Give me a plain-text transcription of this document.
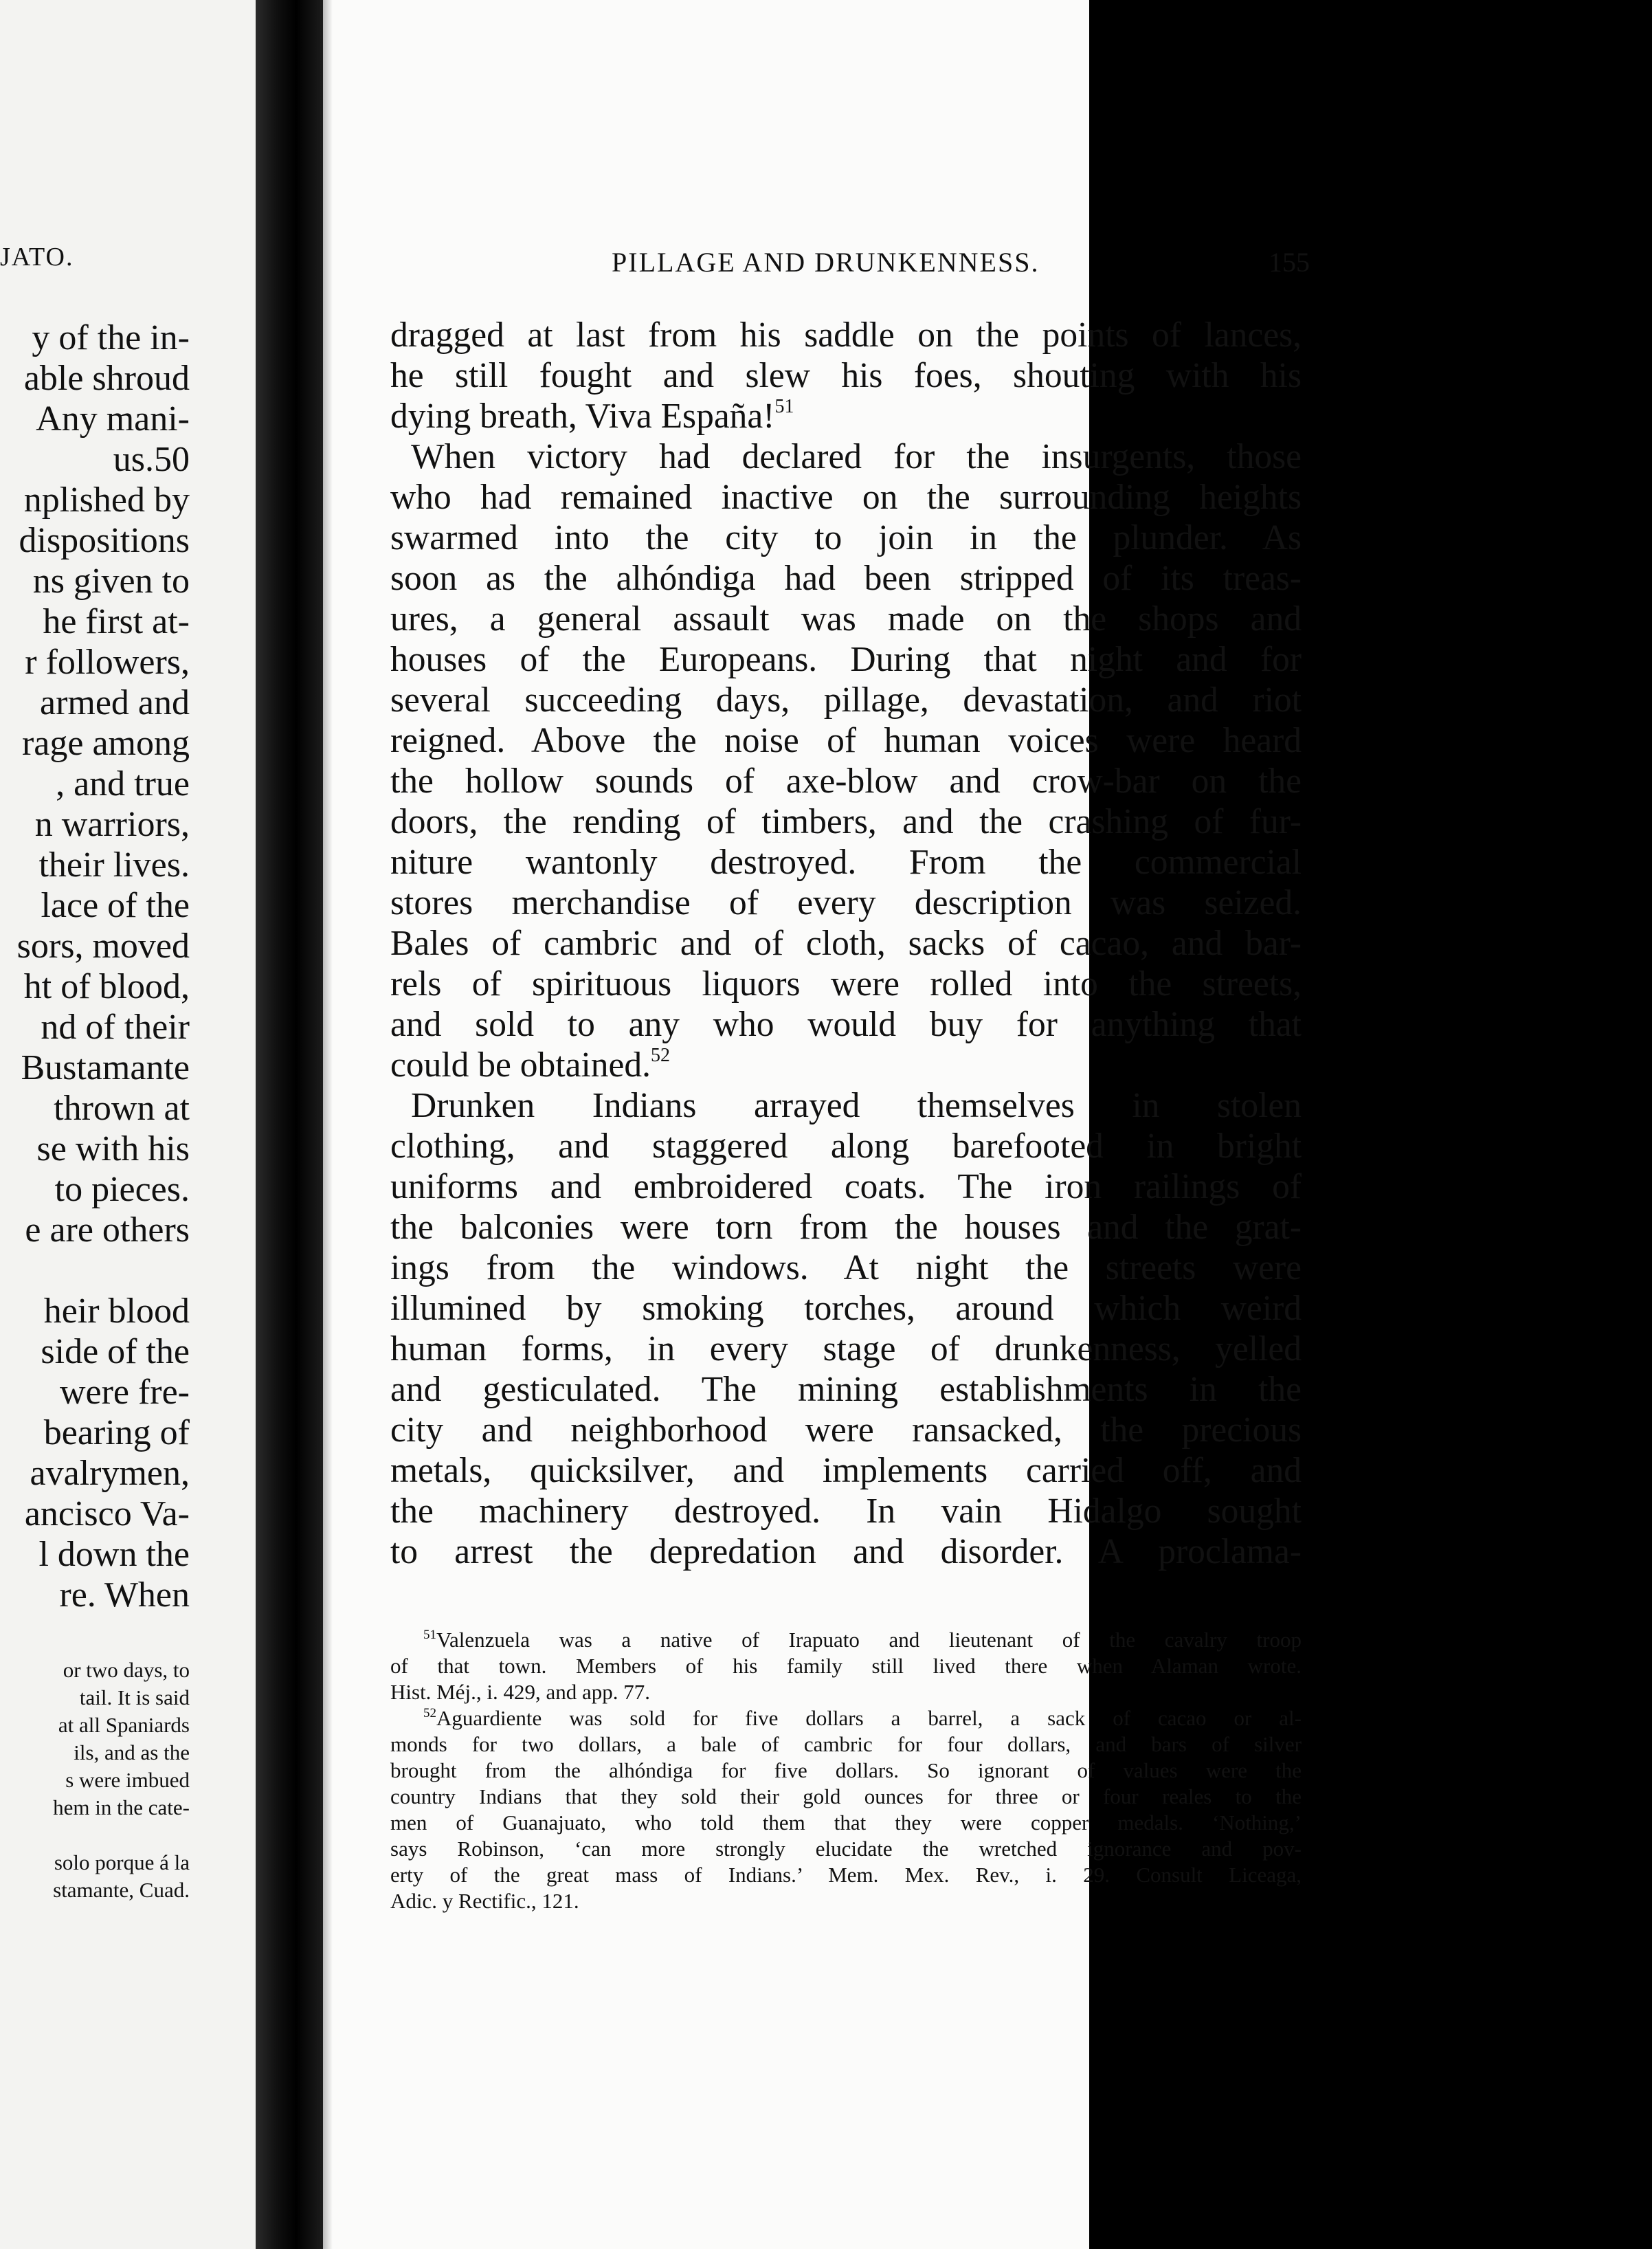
JATO.
y of the in-
able shroud
Any mani-
us.50
nplished by
dispositions
ns given to
he first at-
r followers,
armed and
rage among
, and true
n warriors,
their lives.
lace of the
sors, moved
ht of blood,
nd of their
Bustamante
thrown at
se with his
to pieces.
e are others

heir blood
side of the
were fre-
bearing of
avalrymen,
ancisco Va-
l down the
re. When
or two days, to
tail. It is said
at all Spaniards
ils, and as the
s were imbued
hem in the cate-

solo porque á la
stamante, Cuad.
PILLAGE AND DRUNKENNESS.	155
dragged at last from his saddle on the points of lances,
he still fought and slew his foes, shouting with his
dying breath, Viva España!$^{51}$
When victory had declared for the insurgents, those
who had remained inactive on the surrounding heights
swarmed into the city to join in the plunder. As
soon as the alhóndiga had been stripped of its treas-
ures, a general assault was made on the shops and
houses of the Europeans. During that night and for
several succeeding days, pillage, devastation, and riot
reigned. Above the noise of human voices were heard
the hollow sounds of axe-blow and crow-bar on the
doors, the rending of timbers, and the crashing of fur-
niture wantonly destroyed. From the commercial
stores merchandise of every description was seized.
Bales of cambric and of cloth, sacks of cacao, and bar-
rels of spirituous liquors were rolled into the streets,
and sold to any who would buy for anything that
could be obtained.$^{52}$
Drunken Indians arrayed themselves in stolen
clothing, and staggered along barefooted in bright
uniforms and embroidered coats. The iron railings of
the balconies were torn from the houses and the grat-
ings from the windows. At night the streets were
illumined by smoking torches, around which weird
human forms, in every stage of drunkenness, yelled
and gesticulated. The mining establishments in the
city and neighborhood were ransacked, the precious
metals, quicksilver, and implements carried off, and
the machinery destroyed. In vain Hidalgo sought
to arrest the depredation and disorder. A proclama-
$^{51}$Valenzuela was a native of Irapuato and lieutenant of the cavalry troop
of that town. Members of his family still lived there when Alaman wrote.
Hist. Méj., i. 429, and app. 77.
$^{52}$Aguardiente was sold for five dollars a barrel, a sack of cacao or al-
monds for two dollars, a bale of cambric for four dollars, and bars of silver
brought from the alhóndiga for five dollars. So ignorant of values were the
country Indians that they sold their gold ounces for three or four reales to the
men of Guanajuato, who told them that they were copper medals. ‘Nothing,’
says Robinson, ‘can more strongly elucidate the wretched ignorance and pov-
erty of the great mass of Indians.’ Mem. Mex. Rev., i. 29. Consult Liceaga,
Adic. y Rectific., 121.
